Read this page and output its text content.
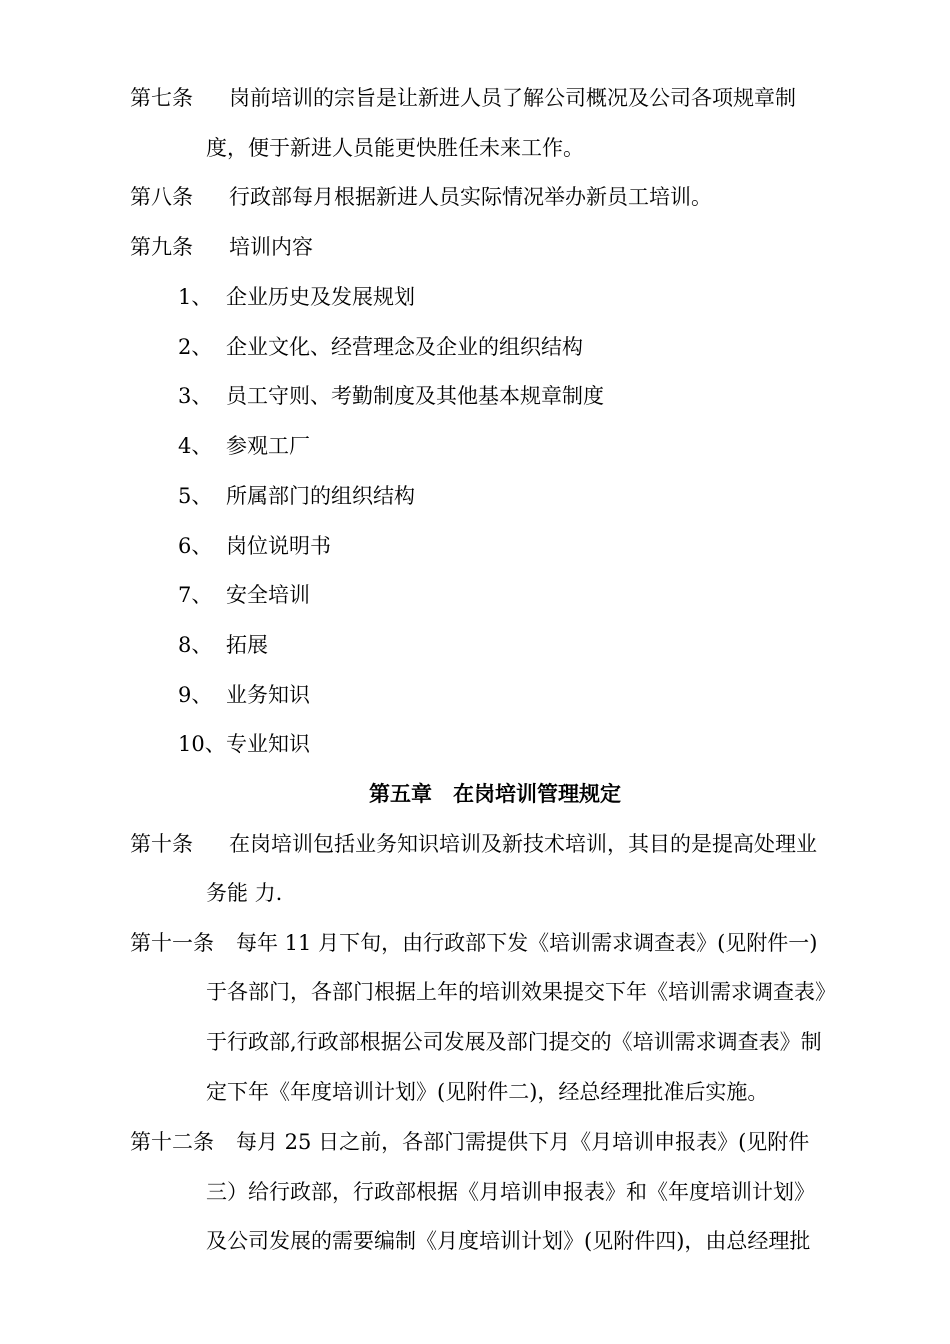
第七条 岗前培训的宗旨是让新进人员了解公司概况及公司各项规章制
度，便于新进人员能更快胜任未来工作。
第八条 行政部每月根据新进人员实际情况举办新员工培训。
第九条 培训内容
1、 企业历史及发展规划
2、 企业文化、经营理念及企业的组织结构
3、 员工守则、考勤制度及其他基本规章制度
4、 参观工厂
5、 所属部门的组织结构
6、 岗位说明书
7、 安全培训
8、 拓展
9、 业务知识
10、 专业知识
第五章　在岗培训管理规定
第十条 在岗培训包括业务知识培训及新技术培训，其目的是提高处理业
务能 力.
第十一条 每年 11 月下旬，由行政部下发《培训需求调查表》(见附件一)
于各部门，各部门根据上年的培训效果提交下年《培训需求调查表》
于行政部,行政部根据公司发展及部门提交的《培训需求调查表》制
定下年《年度培训计划》(见附件二)，经总经理批准后实施。
第十二条 每月 25 日之前，各部门需提供下月《月培训申报表》(见附件
三）给行政部，行政部根据《月培训申报表》和《年度培训计划》
及公司发展的需要编制《月度培训计划》(见附件四)，由总经理批
